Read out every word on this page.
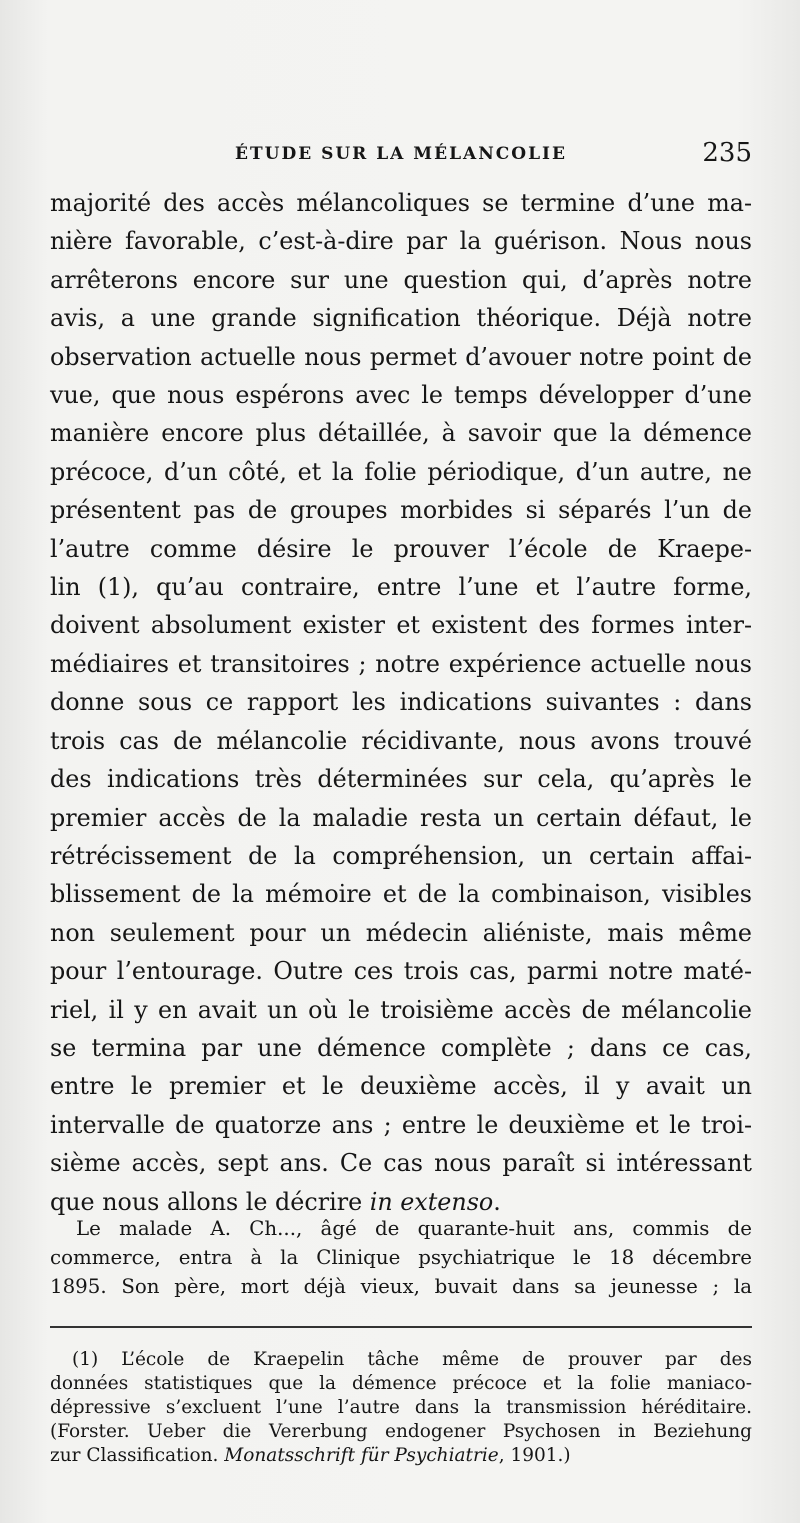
ÉTUDE SUR LA MÉLANCOLIE	235
majorité des accès mélancoliques se termine d’une ma-
nière favorable, c’est-à-dire par la guérison. Nous nous
arrêterons encore sur une question qui, d’après notre
avis, a une grande signification théorique. Déjà notre
observation actuelle nous permet d’avouer notre point de
vue, que nous espérons avec le temps développer d’une
manière encore plus détaillée, à savoir que la démence
précoce, d’un côté, et la folie périodique, d’un autre, ne
présentent pas de groupes morbides si séparés l’un de
l’autre comme désire le prouver l’école de Kraepe-
lin (1), qu’au contraire, entre l’une et l’autre forme,
doivent absolument exister et existent des formes inter-
médiaires et transitoires ; notre expérience actuelle nous
donne sous ce rapport les indications suivantes : dans
trois cas de mélancolie récidivante, nous avons trouvé
des indications très déterminées sur cela, qu’après le
premier accès de la maladie resta un certain défaut, le
rétrécissement de la compréhension, un certain affai-
blissement de la mémoire et de la combinaison, visibles
non seulement pour un médecin aliéniste, mais même
pour l’entourage. Outre ces trois cas, parmi notre maté-
riel, il y en avait un où le troisième accès de mélancolie
se termina par une démence complète ; dans ce cas,
entre le premier et le deuxième accès, il y avait un
intervalle de quatorze ans ; entre le deuxième et le troi-
sième accès, sept ans. Ce cas nous paraît si intéressant
que nous allons le décrire in extenso.
Le malade A. Ch..., âgé de quarante-huit ans, commis de
commerce, entra à la Clinique psychiatrique le 18 décembre
1895. Son père, mort déjà vieux, buvait dans sa jeunesse ; la
(1) L’école de Kraepelin tâche même de prouver par des
données statistiques que la démence précoce et la folie maniaco-
dépressive s’excluent l’une l’autre dans la transmission héréditaire.
(Forster. Ueber die Vererbung endogener Psychosen in Beziehung
zur Classification. Monatsschrift für Psychiatrie, 1901.)
